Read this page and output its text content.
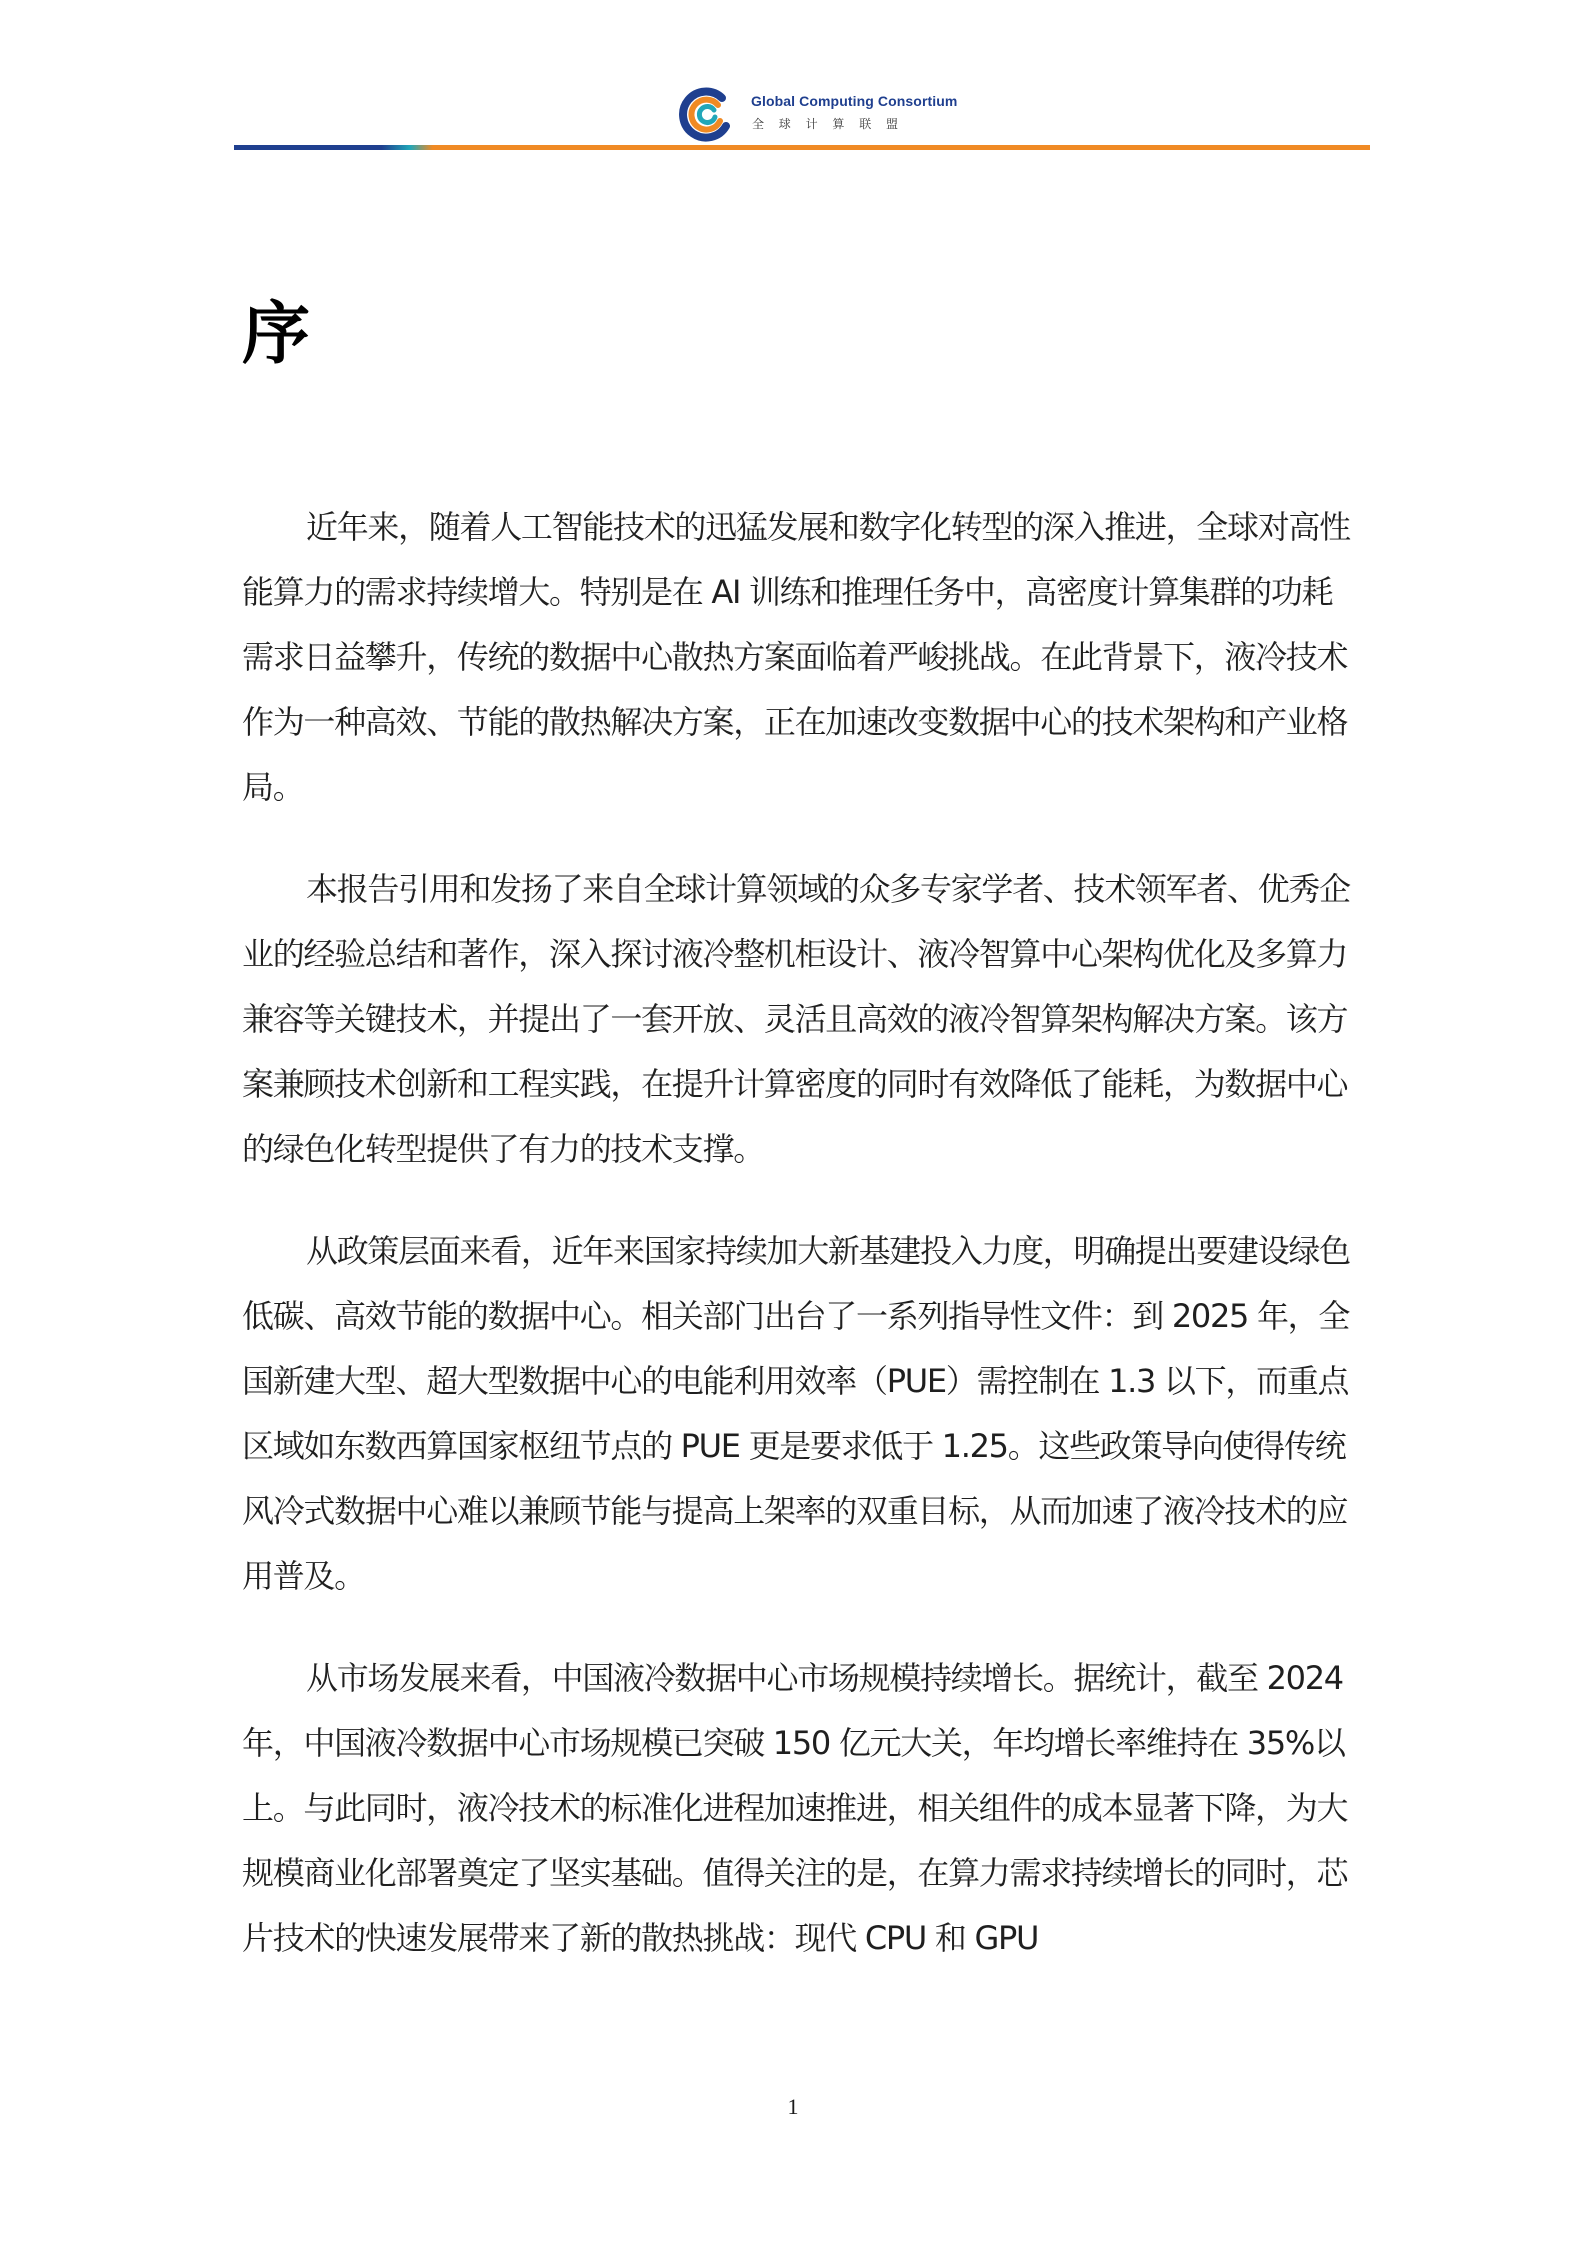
Global Computing Consortium
全球计算联盟
序

近年来，随着人工智能技术的迅猛发展和数字化转型的深入推进，全球对高性能算力的需求持续增大。特别是在 AI 训练和推理任务中，高密度计算集群的功耗需求日益攀升，传统的数据中心散热方案面临着严峻挑战。在此背景下，液冷技术作为一种高效、节能的散热解决方案，正在加速改变数据中心的技术架构和产业格局。

本报告引用和发扬了来自全球计算领域的众多专家学者、技术领军者、优秀企业的经验总结和著作，深入探讨液冷整机柜设计、液冷智算中心架构优化及多算力兼容等关键技术，并提出了一套开放、灵活且高效的液冷智算架构解决方案。该方案兼顾技术创新和工程实践，在提升计算密度的同时有效降低了能耗，为数据中心的绿色化转型提供了有力的技术支撑。

从政策层面来看，近年来国家持续加大新基建投入力度，明确提出要建设绿色低碳、高效节能的数据中心。相关部门出台了一系列指导性文件：到 2025 年，全国新建大型、超大型数据中心的电能利用效率（PUE）需控制在 1.3 以下，而重点区域如东数西算国家枢纽节点的 PUE 更是要求低于 1.25。这些政策导向使得传统风冷式数据中心难以兼顾节能与提高上架率的双重目标，从而加速了液冷技术的应用普及。

从市场发展来看，中国液冷数据中心市场规模持续增长。据统计，截至 2024 年，中国液冷数据中心市场规模已突破 150 亿元大关，年均增长率维持在 35%以上。与此同时，液冷技术的标准化进程加速推进，相关组件的成本显著下降，为大规模商业化部署奠定了坚实基础。值得关注的是，在算力需求持续增长的同时，芯片技术的快速发展带来了新的散热挑战：现代 CPU 和 GPU

1
